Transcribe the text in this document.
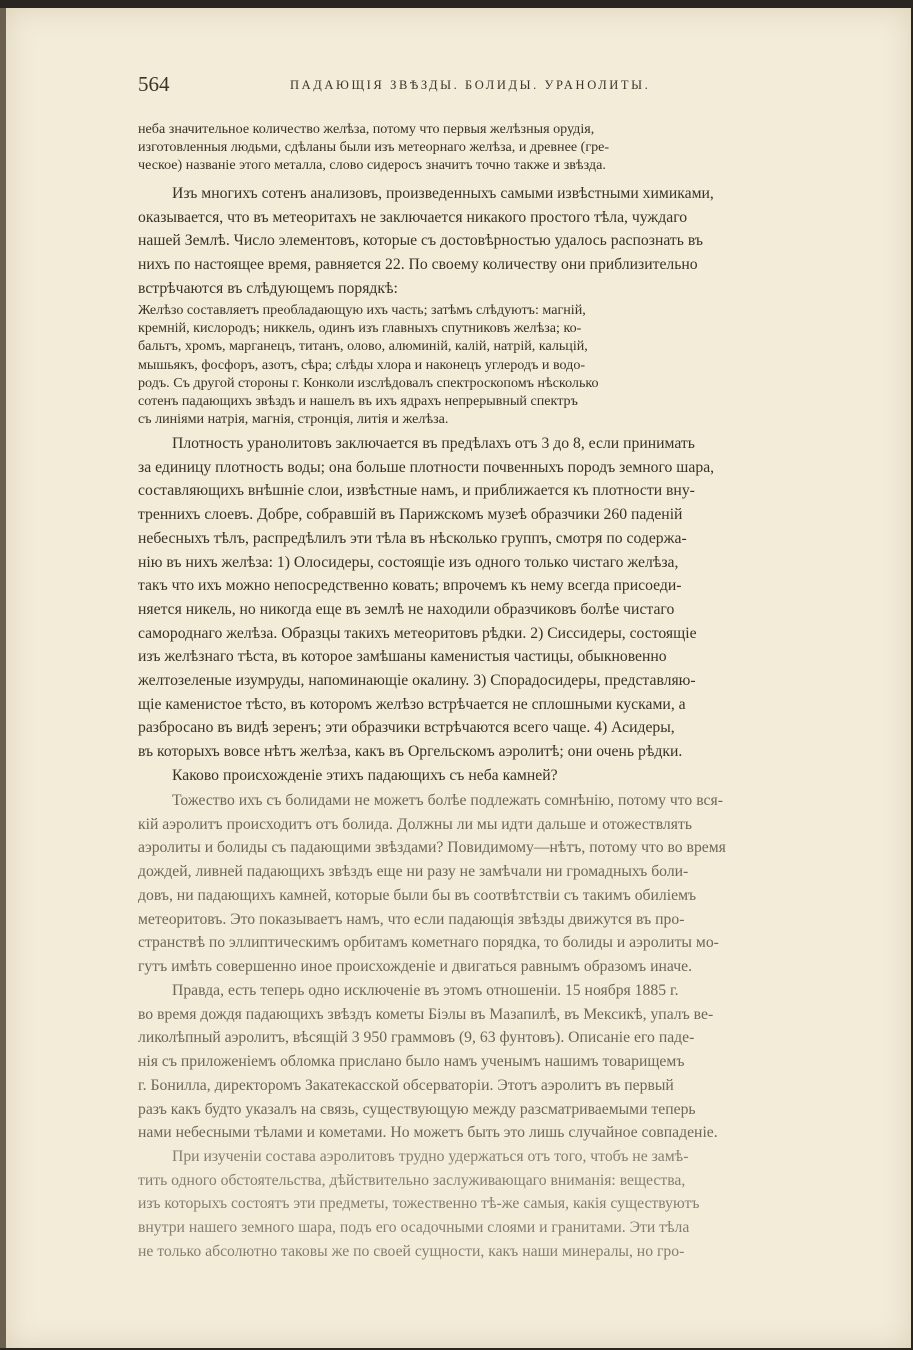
564	ПАДАЮЩІЯ ЗВѢЗДЫ. БОЛИДЫ. УРАНОЛИТЫ.
неба значительное количество желѣза, потому что первыя желѣзныя орудія,
изготовленныя людьми, сдѣланы были изъ метеорнаго желѣза, и древнее (гре-
ческое) названіе этого металла, слово сидеросъ значитъ точно также и звѣзда.
Изъ многихъ сотенъ анализовъ, произведенныхъ самыми извѣстными химиками,
оказывается, что въ метеоритахъ не заключается никакого простого тѣла, чуждаго
нашей Землѣ. Число элементовъ, которые съ достовѣрностью удалось распознать въ
нихъ по настоящее время, равняется 22. По своему количеству они приблизительно
встрѣчаются въ слѣдующемъ порядкѣ:
Желѣзо составляетъ преобладающую ихъ часть; затѣмъ слѣдуютъ: магній,
кремній, кислородъ; никкель, одинъ изъ главныхъ спутниковъ желѣза; ко-
бальтъ, хромъ, марганецъ, титанъ, олово, алюминій, калій, натрій, кальцій,
мышьякъ, фосфоръ, азотъ, сѣра; слѣды хлора и наконецъ углеродъ и водо-
родъ. Съ другой стороны г. Конколи изслѣдовалъ спектроскопомъ нѣсколько
сотенъ падающихъ звѣздъ и нашелъ въ ихъ ядрахъ непрерывный спектръ
съ линіями натрія, магнія, стронція, литія и желѣза.
Плотность уранолитовъ заключается въ предѣлахъ отъ 3 до 8, если принимать
за единицу плотность воды; она больше плотности почвенныхъ породъ земного шара,
составляющихъ внѣшніе слои, извѣстные намъ, и приближается къ плотности вну-
треннихъ слоевъ. Добре, собравшій въ Парижскомъ музеѣ образчики 260 паденій
небесныхъ тѣлъ, распредѣлилъ эти тѣла въ нѣсколько группъ, смотря по содержа-
нію въ нихъ желѣза: 1) Олосидеры, состоящіе изъ одного только чистаго желѣза,
такъ что ихъ можно непосредственно ковать; впрочемъ къ нему всегда присоеди-
няется никель, но никогда еще въ землѣ не находили образчиковъ болѣе чистаго
самороднаго желѣза. Образцы такихъ метеоритовъ рѣдки. 2) Сиссидеры, состоящіе
изъ желѣзнаго тѣста, въ которое замѣшаны каменистыя частицы, обыкновенно
желтозеленые изумруды, напоминающіе окалину. 3) Спорадосидеры, представляю-
щіе каменистое тѣсто, въ которомъ желѣзо встрѣчается не сплошными кусками, а
разбросано въ видѣ зеренъ; эти образчики встрѣчаются всего чаще. 4) Асидеры,
въ которыхъ вовсе нѣтъ желѣза, какъ въ Оргельскомъ аэролитѣ; они очень рѣдки.
Каково происхожденіе этихъ падающихъ съ неба камней?
Тожество ихъ съ болидами не можетъ болѣе подлежать сомнѣнію, потому что вся-
кій аэролитъ происходитъ отъ болида. Должны ли мы идти дальше и отожествлять
аэролиты и болиды съ падающими звѣздами? Повидимому—нѣтъ, потому что во время
дождей, ливней падающихъ звѣздъ еще ни разу не замѣчали ни громадныхъ боли-
довъ, ни падающихъ камней, которые были бы въ соотвѣтствіи съ такимъ обиліемъ
метеоритовъ. Это показываетъ намъ, что если падающія звѣзды движутся въ про-
странствѣ по эллиптическимъ орбитамъ кометнаго порядка, то болиды и аэролиты мо-
гутъ имѣть совершенно иное происхожденіе и двигаться равнымъ образомъ иначе.
Правда, есть теперь одно исключеніе въ этомъ отношеніи. 15 ноября 1885 г.
во время дождя падающихъ звѣздъ кометы Біэлы въ Мазапилѣ, въ Мексикѣ, упалъ ве-
ликолѣпный аэролитъ, вѣсящій 3 950 граммовъ (9, 63 фунтовъ). Описаніе его паде-
нія съ приложеніемъ обломка прислано было намъ ученымъ нашимъ товарищемъ
г. Бонилла, директоромъ Закатекасской обсерваторіи. Этотъ аэролитъ въ первый
разъ какъ будто указалъ на связь, существующую между разсматриваемыми теперь
нами небесными тѣлами и кометами. Но можетъ быть это лишь случайное совпаденіе.
При изученіи состава аэролитовъ трудно удержаться отъ того, чтобъ не замѣ-
тить одного обстоятельства, дѣйствительно заслуживающаго вниманія: вещества,
изъ которыхъ состоятъ эти предметы, тожественно тѣ-же самыя, какія существуютъ
внутри нашего земного шара, подъ его осадочными слоями и гранитами. Эти тѣла
не только абсолютно таковы же по своей сущности, какъ наши минералы, но гро-
